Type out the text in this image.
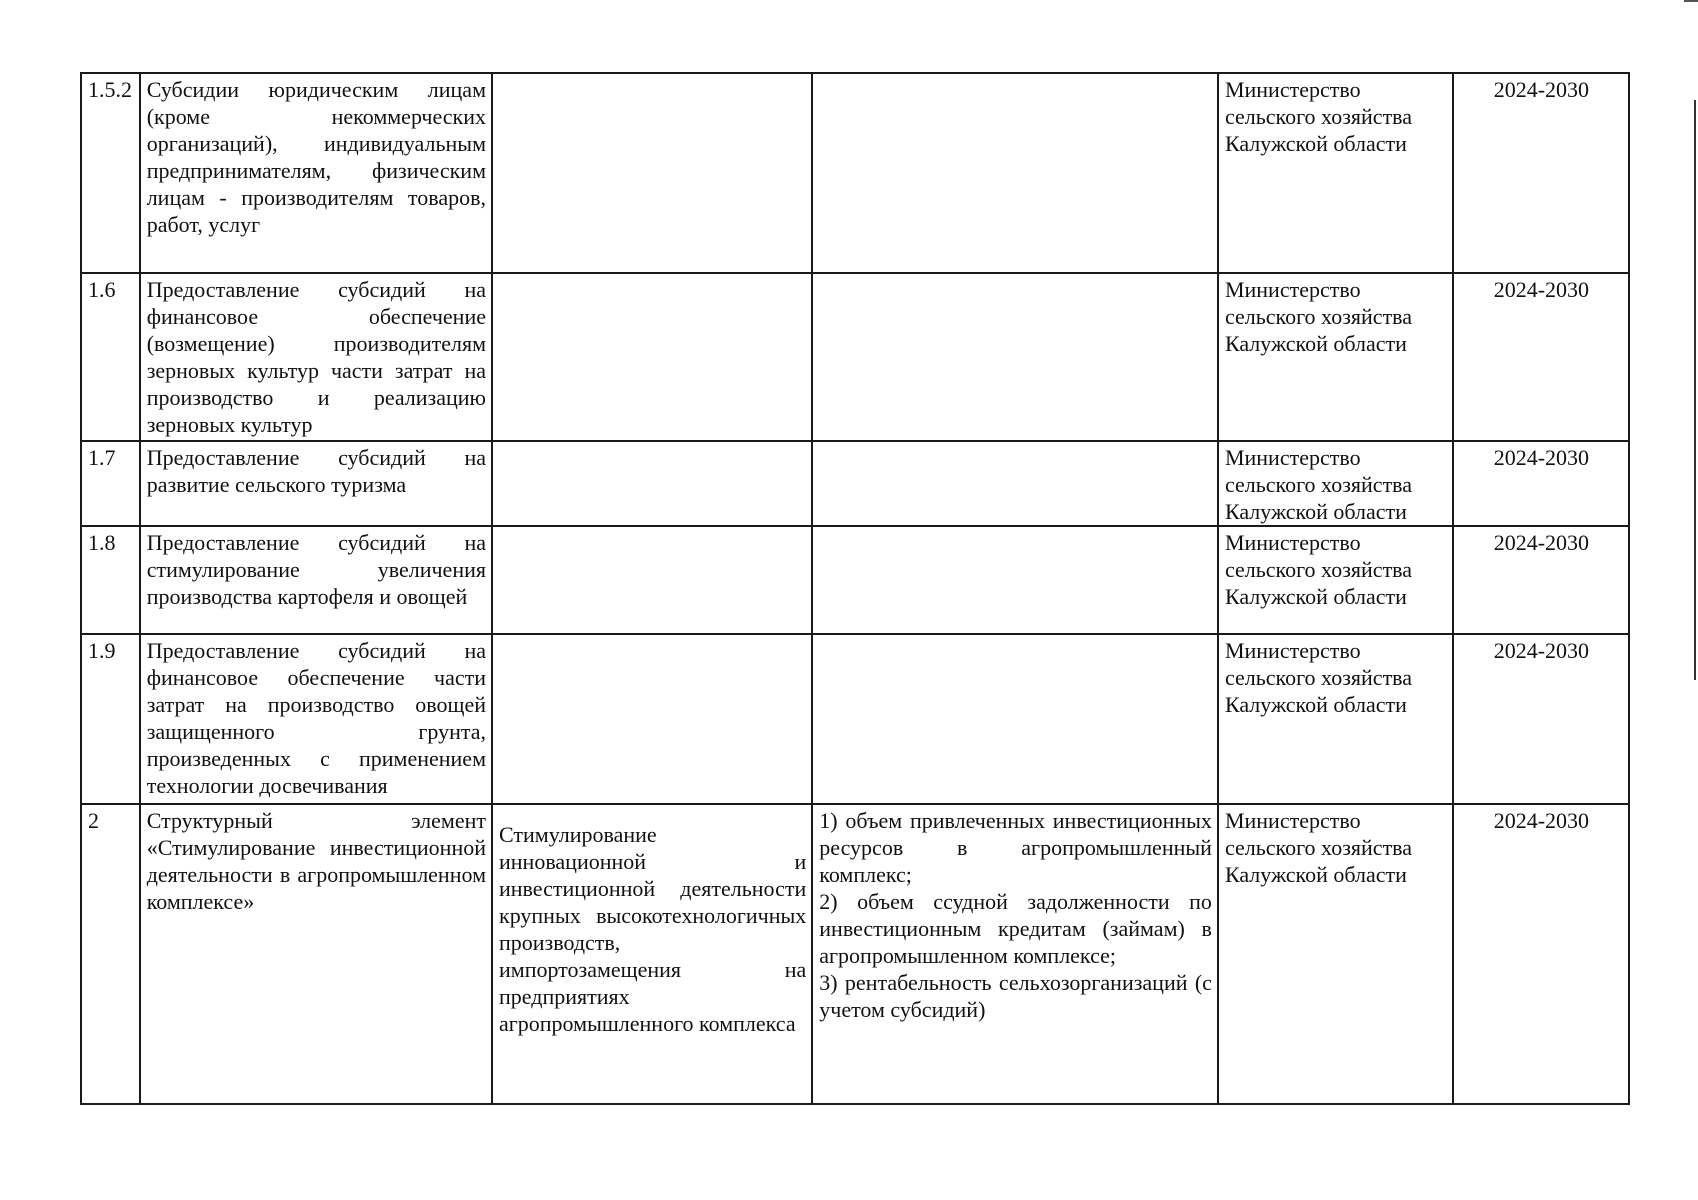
1.5.2	Субсидии юридическим лицам (кроме некоммерческих организаций), индивидуальным предпринимателям, физическим лицам - производителям товаров, работ, услуг			Министерство сельского хозяйства Калужской области	2024-2030
1.6	Предоставление субсидий на финансовое обеспечение (возмещение) производителям зерновых культур части затрат на производство и реализацию зерновых культур			Министерство сельского хозяйства Калужской области	2024-2030
1.7	Предоставление субсидий на развитие сельского туризма			Министерство сельского хозяйства Калужской области	2024-2030
1.8	Предоставление субсидий на стимулирование увеличения производства картофеля и овощей			Министерство сельского хозяйства Калужской области	2024-2030
1.9	Предоставление субсидий на финансовое обеспечение части затрат на производство овощей защищенного грунта, произведенных с применением технологии досвечивания			Министерство сельского хозяйства Калужской области	2024-2030
2	Структурный элемент «Стимулирование инвестиционной деятельности в агропромышленном комплексе»	Стимулирование инновационной и инвестиционной деятельности крупных высокотехнологичных производств, импортозамещения на предприятиях агропромышленного комплекса	1) объем привлеченных инвестиционных ресурсов в агропромышленный комплекс;
2) объем ссудной задолженности по инвестиционным кредитам (займам) в агропромышленном комплексе;
3) рентабельность сельхозорганизаций (с учетом субсидий)	Министерство сельского хозяйства Калужской области	2024-2030
